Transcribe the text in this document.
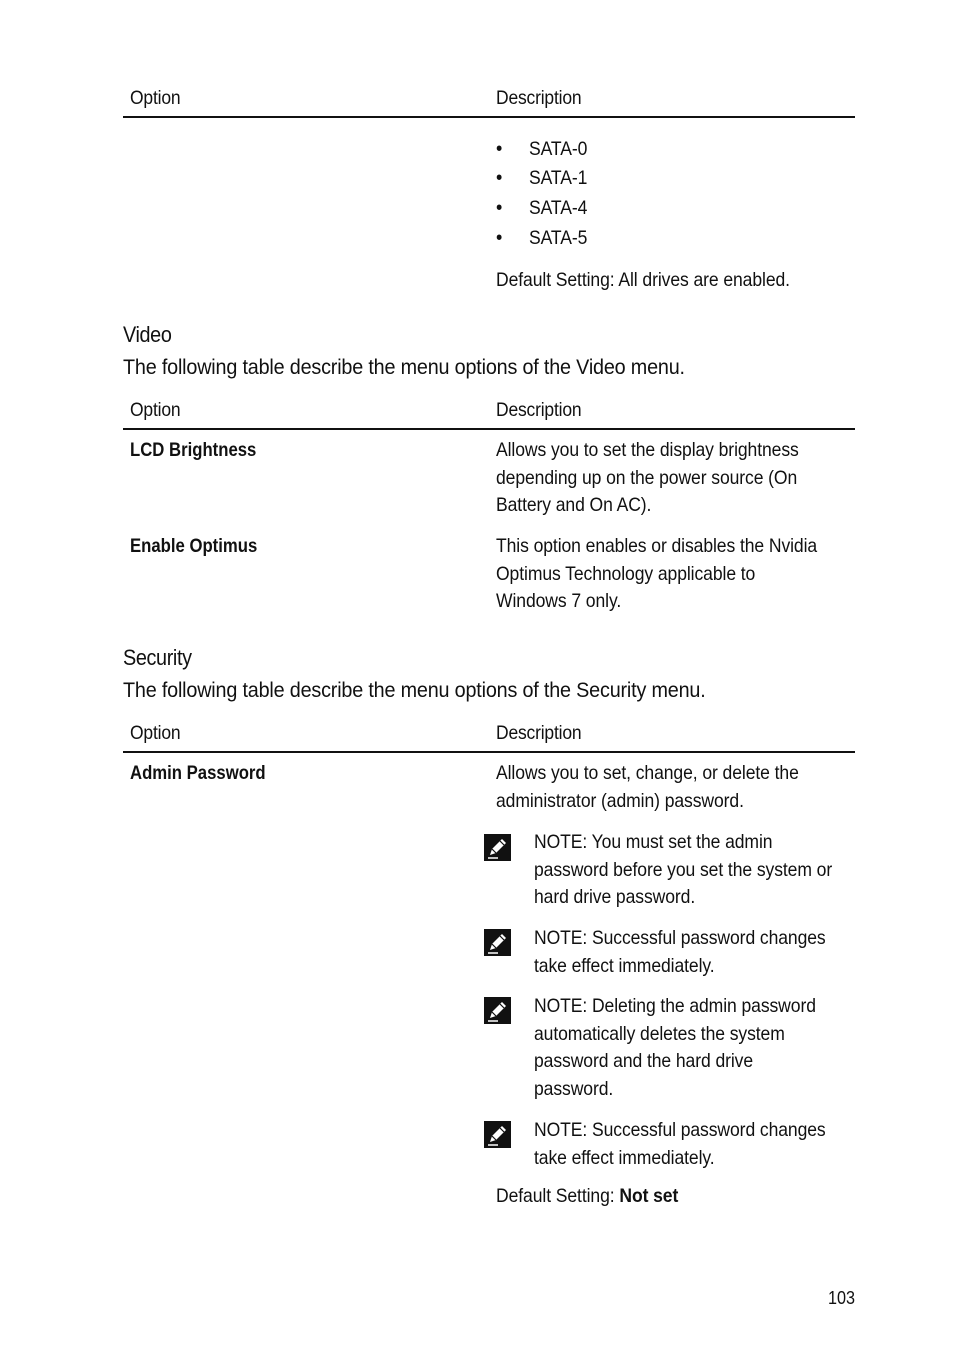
Option	Description
• SATA-0
• SATA-1
• SATA-4
• SATA-5
Default Setting: All drives are enabled.
Video
The following table describe the menu options of the Video menu.
Option	Description
LCD Brightness	Allows you to set the display brightness
depending up on the power source (On
Battery and On AC).
Enable Optimus	This option enables or disables the Nvidia
Optimus Technology applicable to
Windows 7 only.
Security
The following table describe the menu options of the Security menu.
Option	Description
Admin Password	Allows you to set, change, or delete the
administrator (admin) password.
NOTE: You must set the admin
password before you set the system or
hard drive password.
NOTE: Successful password changes
take effect immediately.
NOTE: Deleting the admin password
automatically deletes the system
password and the hard drive
password.
NOTE: Successful password changes
take effect immediately.
Default Setting: Not set
103
